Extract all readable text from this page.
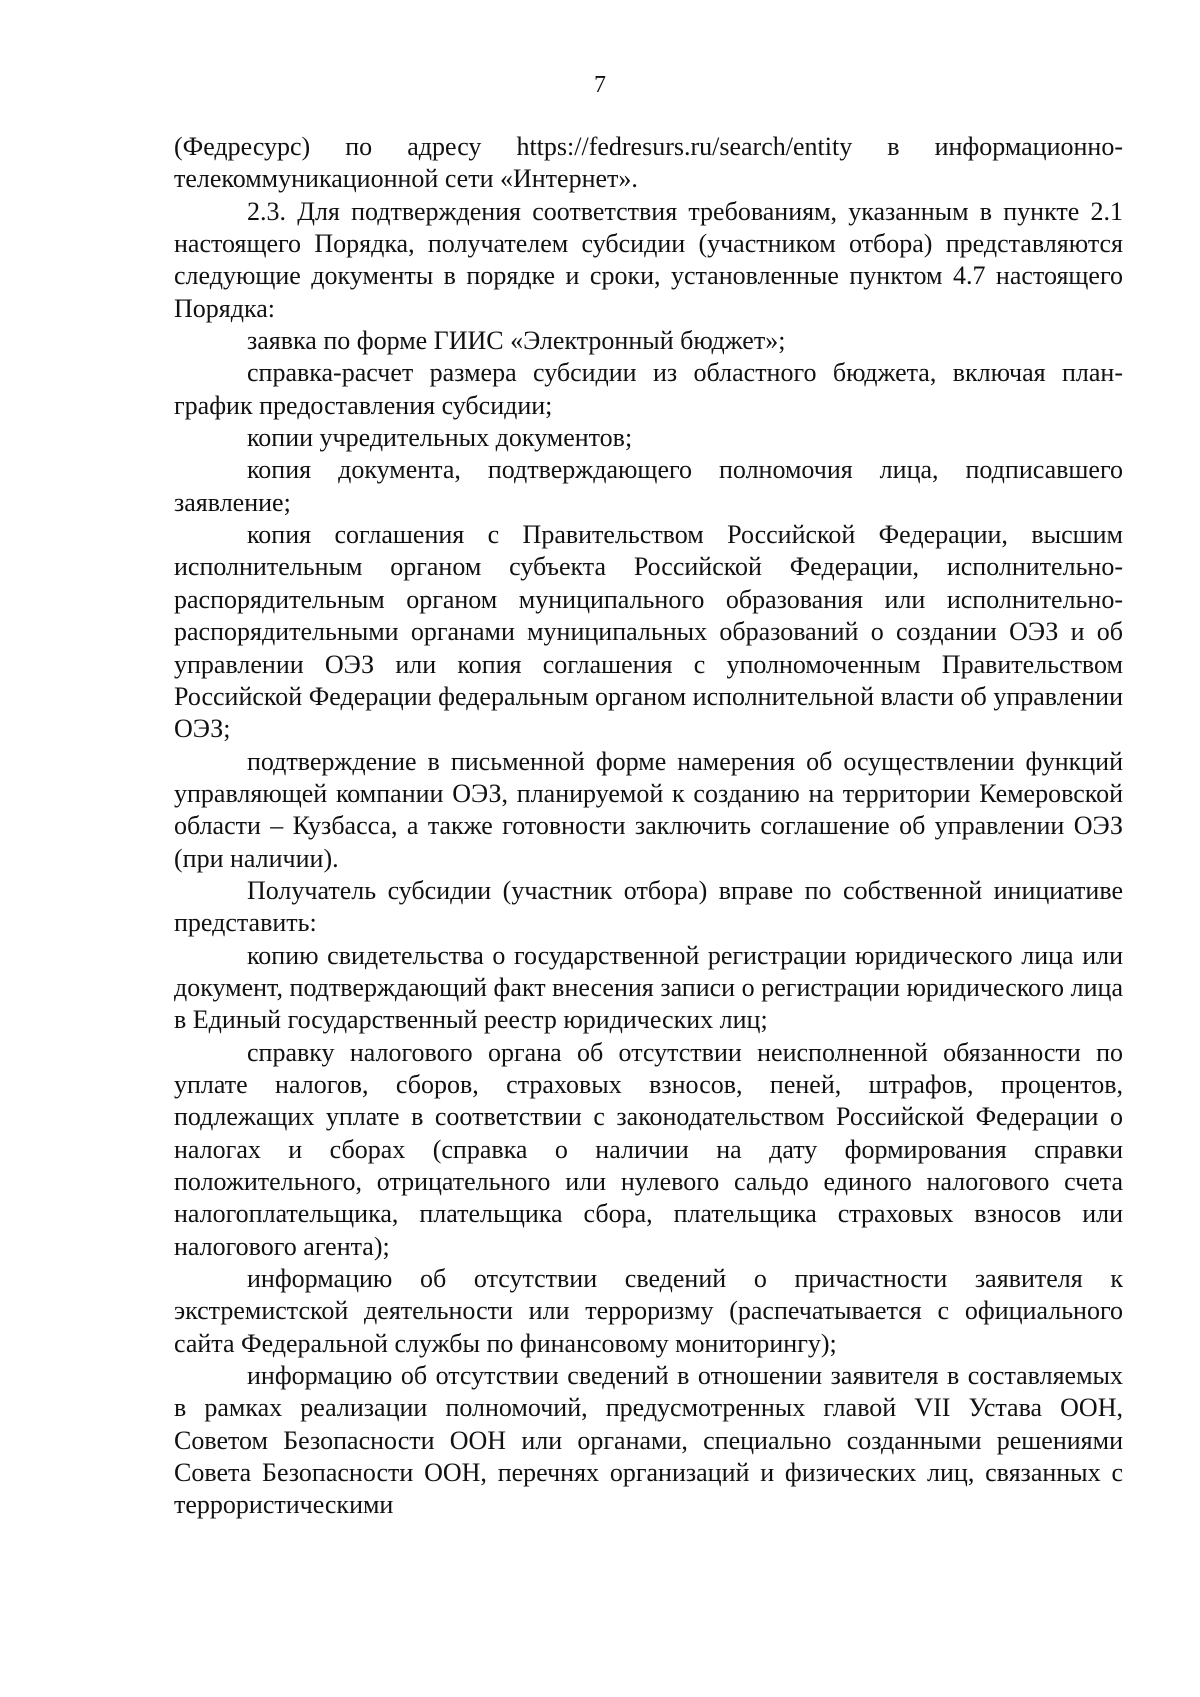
7

(Федресурс) по адресу https://fedresurs.ru/search/entity в информационно-телекоммуникационной сети «Интернет».

2.3. Для подтверждения соответствия требованиям, указанным в пункте 2.1 настоящего Порядка, получателем субсидии (участником отбора) представляются следующие документы в порядке и сроки, установленные пунктом 4.7 настоящего Порядка:

заявка по форме ГИИС «Электронный бюджет»;

справка-расчет размера субсидии из областного бюджета, включая план-график предоставления субсидии;

копии учредительных документов;

копия документа, подтверждающего полномочия лица, подписавшего заявление;

копия соглашения с Правительством Российской Федерации, высшим исполнительным органом субъекта Российской Федерации, исполнительно-распорядительным органом муниципального образования или исполнительно-распорядительными органами муниципальных образований о создании ОЭЗ и об управлении ОЭЗ или копия соглашения с уполномоченным Правительством Российской Федерации федеральным органом исполнительной власти об управлении ОЭЗ;

подтверждение в письменной форме намерения об осуществлении функций управляющей компании ОЭЗ, планируемой к созданию на территории Кемеровской области – Кузбасса, а также готовности заключить соглашение об управлении ОЭЗ (при наличии).

Получатель субсидии (участник отбора) вправе по собственной инициативе представить:

копию свидетельства о государственной регистрации юридического лица или документ, подтверждающий факт внесения записи о регистрации юридического лица в Единый государственный реестр юридических лиц;

справку налогового органа об отсутствии неисполненной обязанности по уплате налогов, сборов, страховых взносов, пеней, штрафов, процентов, подлежащих уплате в соответствии с законодательством Российской Федерации о налогах и сборах (справка о наличии на дату формирования справки положительного, отрицательного или нулевого сальдо единого налогового счета налогоплательщика, плательщика сбора, плательщика страховых взносов или налогового агента);

информацию об отсутствии сведений о причастности заявителя к экстремистской деятельности или терроризму (распечатывается с официального сайта Федеральной службы по финансовому мониторингу);

информацию об отсутствии сведений в отношении заявителя в составляемых в рамках реализации полномочий, предусмотренных главой VII Устава ООН, Советом Безопасности ООН или органами, специально созданными решениями Совета Безопасности ООН, перечнях организаций и физических лиц, связанных с террористическими
